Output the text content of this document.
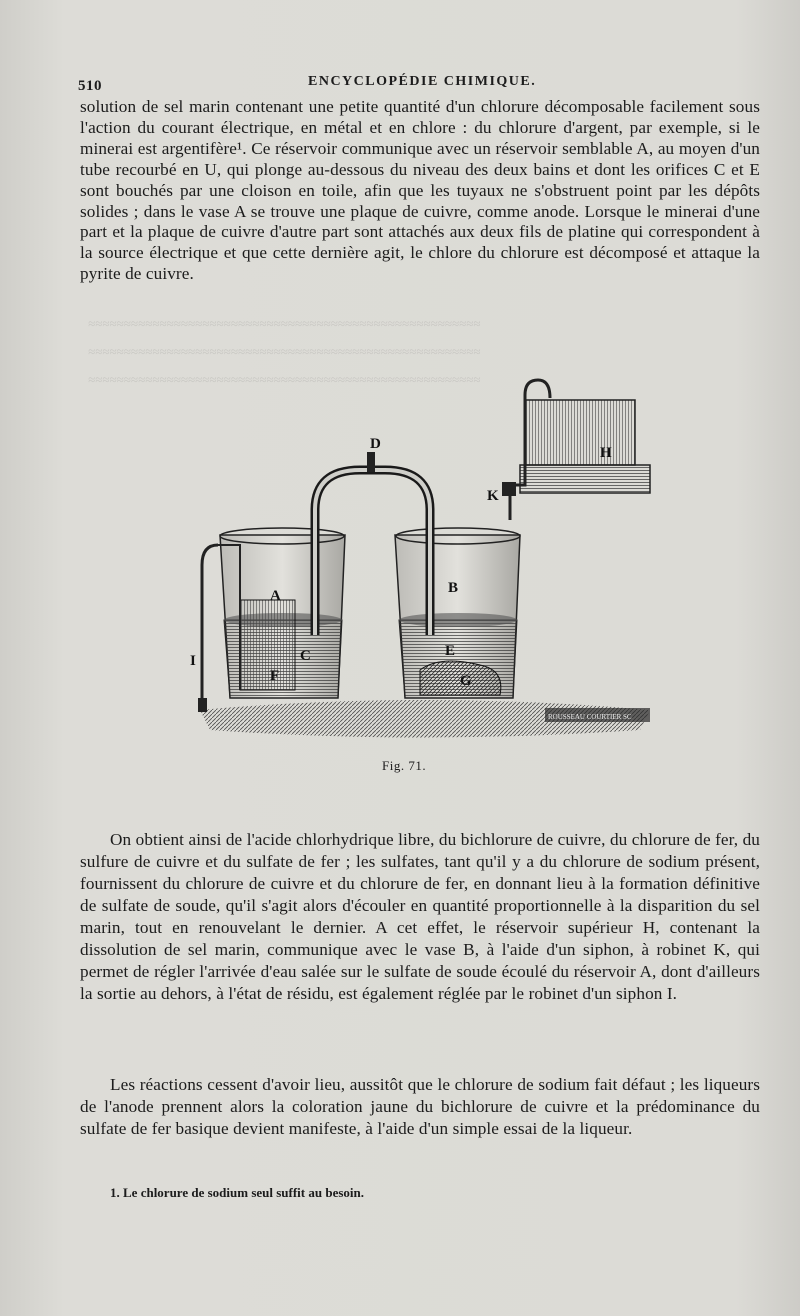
≈≈≈≈≈≈≈≈≈≈≈≈≈≈≈≈≈≈≈≈≈≈≈≈≈≈≈≈≈≈≈≈≈≈≈≈≈≈≈≈≈≈≈≈≈≈≈≈≈≈≈≈≈≈≈
≈≈≈≈≈≈≈≈≈≈≈≈≈≈≈≈≈≈≈≈≈≈≈≈≈≈≈≈≈≈≈≈≈≈≈≈≈≈≈≈≈≈≈≈≈≈≈≈≈≈≈≈≈≈≈
≈≈≈≈≈≈≈≈≈≈≈≈≈≈≈≈≈≈≈≈≈≈≈≈≈≈≈≈≈≈≈≈≈≈≈≈≈≈≈≈≈≈≈≈≈≈≈≈≈≈≈≈≈≈≈
510	ENCYCLOPÉDIE CHIMIQUE.
solution de sel marin contenant une petite quantité d'un chlorure décomposable facilement sous l'action du courant électrique, en métal et en chlore : du chlorure d'argent, par exemple, si le minerai est argentifère¹. Ce réservoir communique avec un réservoir semblable A, au moyen d'un tube recourbé en U, qui plonge au-dessous du niveau des deux bains et dont les orifices C et E sont bouchés par une cloison en toile, afin que les tuyaux ne s'obstruent point par les dépôts solides ; dans le vase A se trouve une plaque de cuivre, comme anode. Lorsque le minerai d'une part et la plaque de cuivre d'autre part sont attachés aux deux fils de platine qui correspondent à la source électrique et que cette dernière agit, le chlore du chlorure est décomposé et attaque la pyrite de cuivre.
D
A	B
C	E
F	G
H
I
K
ROUSSEAU COURTIER SC
Fig. 71.
On obtient ainsi de l'acide chlorhydrique libre, du bichlorure de cuivre, du chlorure de fer, du sulfure de cuivre et du sulfate de fer ; les sulfates, tant qu'il y a du chlorure de sodium présent, fournissent du chlorure de cuivre et du chlorure de fer, en donnant lieu à la formation définitive de sulfate de soude, qu'il s'agit alors d'écouler en quantité proportionnelle à la disparition du sel marin, tout en renouvelant le dernier. A cet effet, le réservoir supérieur H, contenant la dissolution de sel marin, communique avec le vase B, à l'aide d'un siphon, à robinet K, qui permet de régler l'arrivée d'eau salée sur le sulfate de soude écoulé du réservoir A, dont d'ailleurs la sortie au dehors, à l'état de résidu, est également réglée par le robinet d'un siphon I.
Les réactions cessent d'avoir lieu, aussitôt que le chlorure de sodium fait défaut ; les liqueurs de l'anode prennent alors la coloration jaune du bichlorure de cuivre et la prédominance du sulfate de fer basique devient manifeste, à l'aide d'un simple essai de la liqueur.
1. Le chlorure de sodium seul suffit au besoin.
